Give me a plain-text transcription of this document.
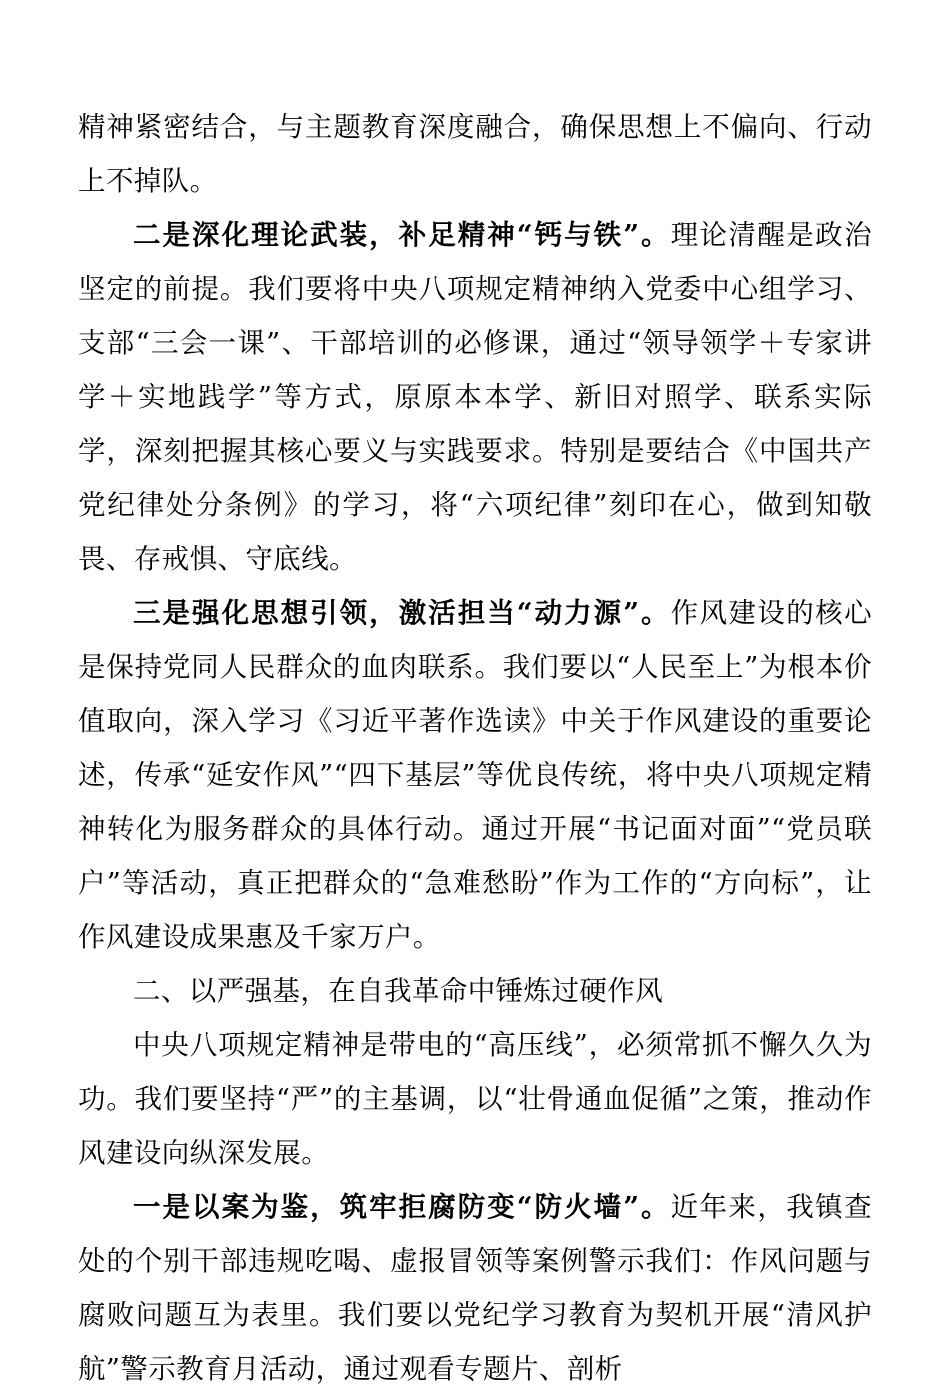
精神紧密结合，与主题教育深度融合，确保思想上不偏向、行动上不掉队。

二是深化理论武装，补足精神“钙与铁”。理论清醒是政治坚定的前提。我们要将中央八项规定精神纳入党委中心组学习、支部“三会一课”、干部培训的必修课，通过“领导领学＋专家讲学＋实地践学”等方式，原原本本学、新旧对照学、联系实际学，深刻把握其核心要义与实践要求。特别是要结合《中国共产党纪律处分条例》的学习，将“六项纪律”刻印在心，做到知敬畏、存戒惧、守底线。

三是强化思想引领，激活担当“动力源”。作风建设的核心是保持党同人民群众的血肉联系。我们要以“人民至上”为根本价值取向，深入学习《习近平著作选读》中关于作风建设的重要论述，传承“延安作风”“四下基层”等优良传统，将中央八项规定精神转化为服务群众的具体行动。通过开展“书记面对面”“党员联户”等活动，真正把群众的“急难愁盼”作为工作的“方向标”，让作风建设成果惠及千家万户。

二、以严强基，在自我革命中锤炼过硬作风

中央八项规定精神是带电的“高压线”，必须常抓不懈久久为功。我们要坚持“严”的主基调，以“壮骨通血促循”之策，推动作风建设向纵深发展。

一是以案为鉴，筑牢拒腐防变“防火墙”。近年来，我镇查处的个别干部违规吃喝、虚报冒领等案例警示我们：作风问题与腐败问题互为表里。我们要以党纪学习教育为契机开展“清风护航”警示教育月活动，通过观看专题片、剖析
